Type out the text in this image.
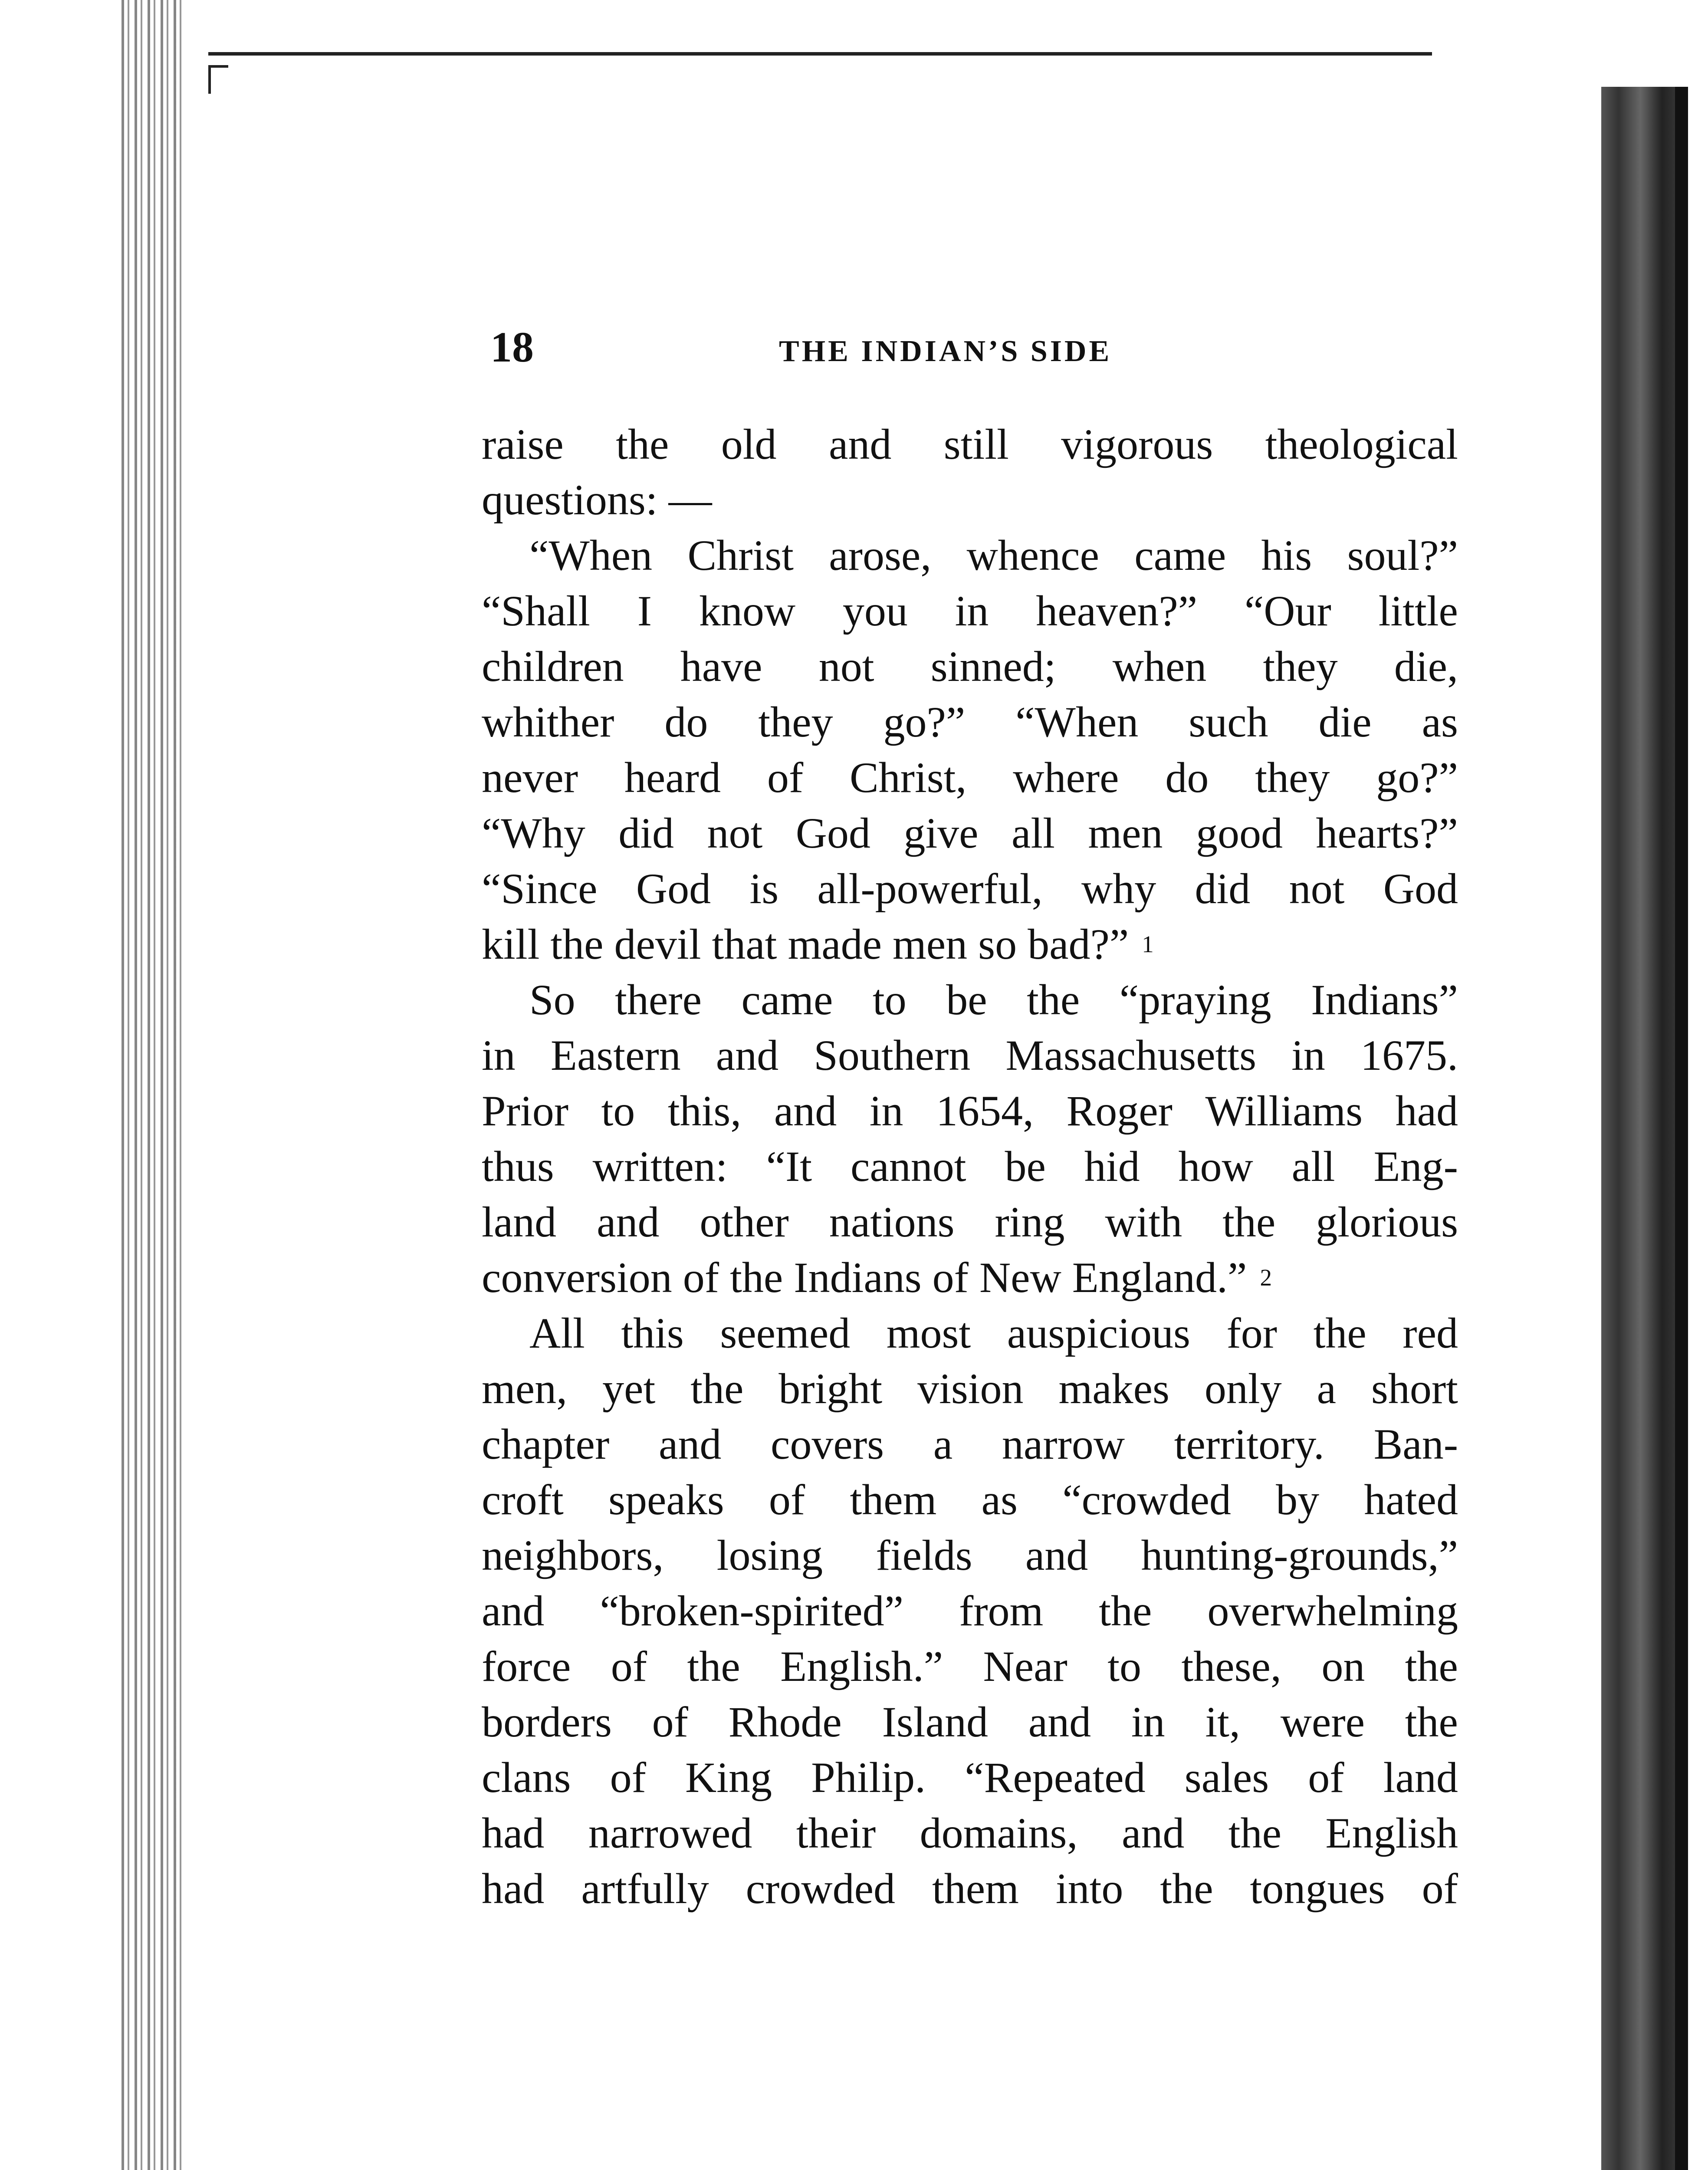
18	THE INDIAN’S SIDE
raise the old and still vigorous theological
questions: —
“When Christ arose, whence came his soul?”
“Shall I know you in heaven?” “Our little
children have not sinned; when they die,
whither do they go?” “When such die as
never heard of Christ, where do they go?”
“Why did not God give all men good hearts?”
“Since God is all-powerful, why did not God
kill the devil that made men so bad?” 1
So there came to be the “praying Indians”
in Eastern and Southern Massachusetts in 1675.
Prior to this, and in 1654, Roger Williams had
thus written: “It cannot be hid how all Eng-
land and other nations ring with the glorious
conversion of the Indians of New England.” 2
All this seemed most auspicious for the red
men, yet the bright vision makes only a short
chapter and covers a narrow territory. Ban-
croft speaks of them as “crowded by hated
neighbors, losing fields and hunting-grounds,”
and “broken-spirited” from the overwhelming
force of the English.” Near to these, on the
borders of Rhode Island and in it, were the
clans of King Philip. “Repeated sales of land
had narrowed their domains, and the English
had artfully crowded them into the tongues of
